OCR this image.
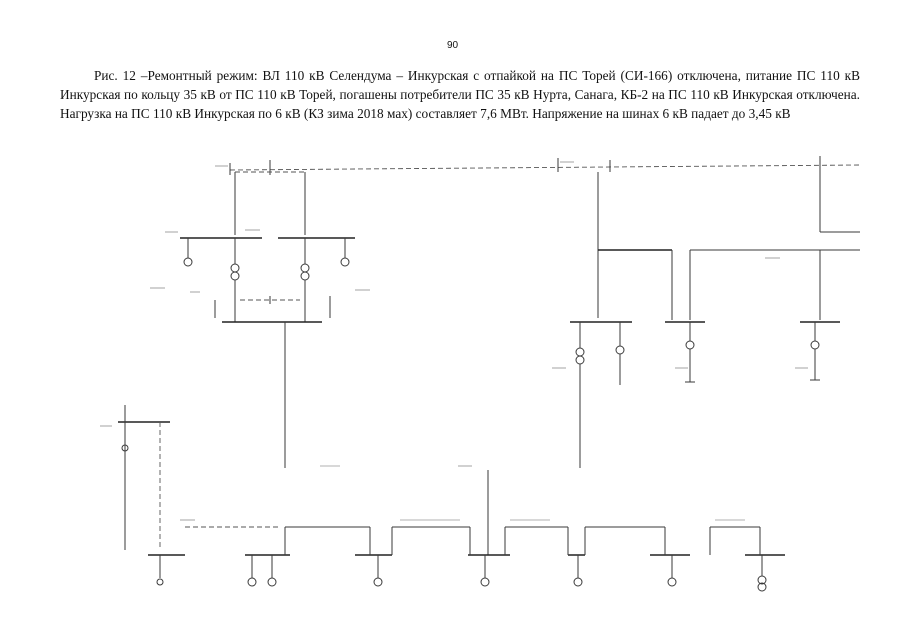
90

Рис. 12 –Ремонтный режим: ВЛ 110 кВ Селендума – Инкурская с отпайкой на ПС Торей (СИ-166) отключена, питание ПС 110 кВ Инкурская по кольцу 35 кВ от ПС 110 кВ Торей, погашены потребители ПС 35 кВ Нурта, Санага, КБ-2 на ПС 110 кВ Инкурская отключена. Нагрузка на ПС 110 кВ Инкурская по 6 кВ (КЗ зима 2018 мах) составляет 7,6 МВт. Напряжение на шинах 6 кВ падает до 3,45 кВ
